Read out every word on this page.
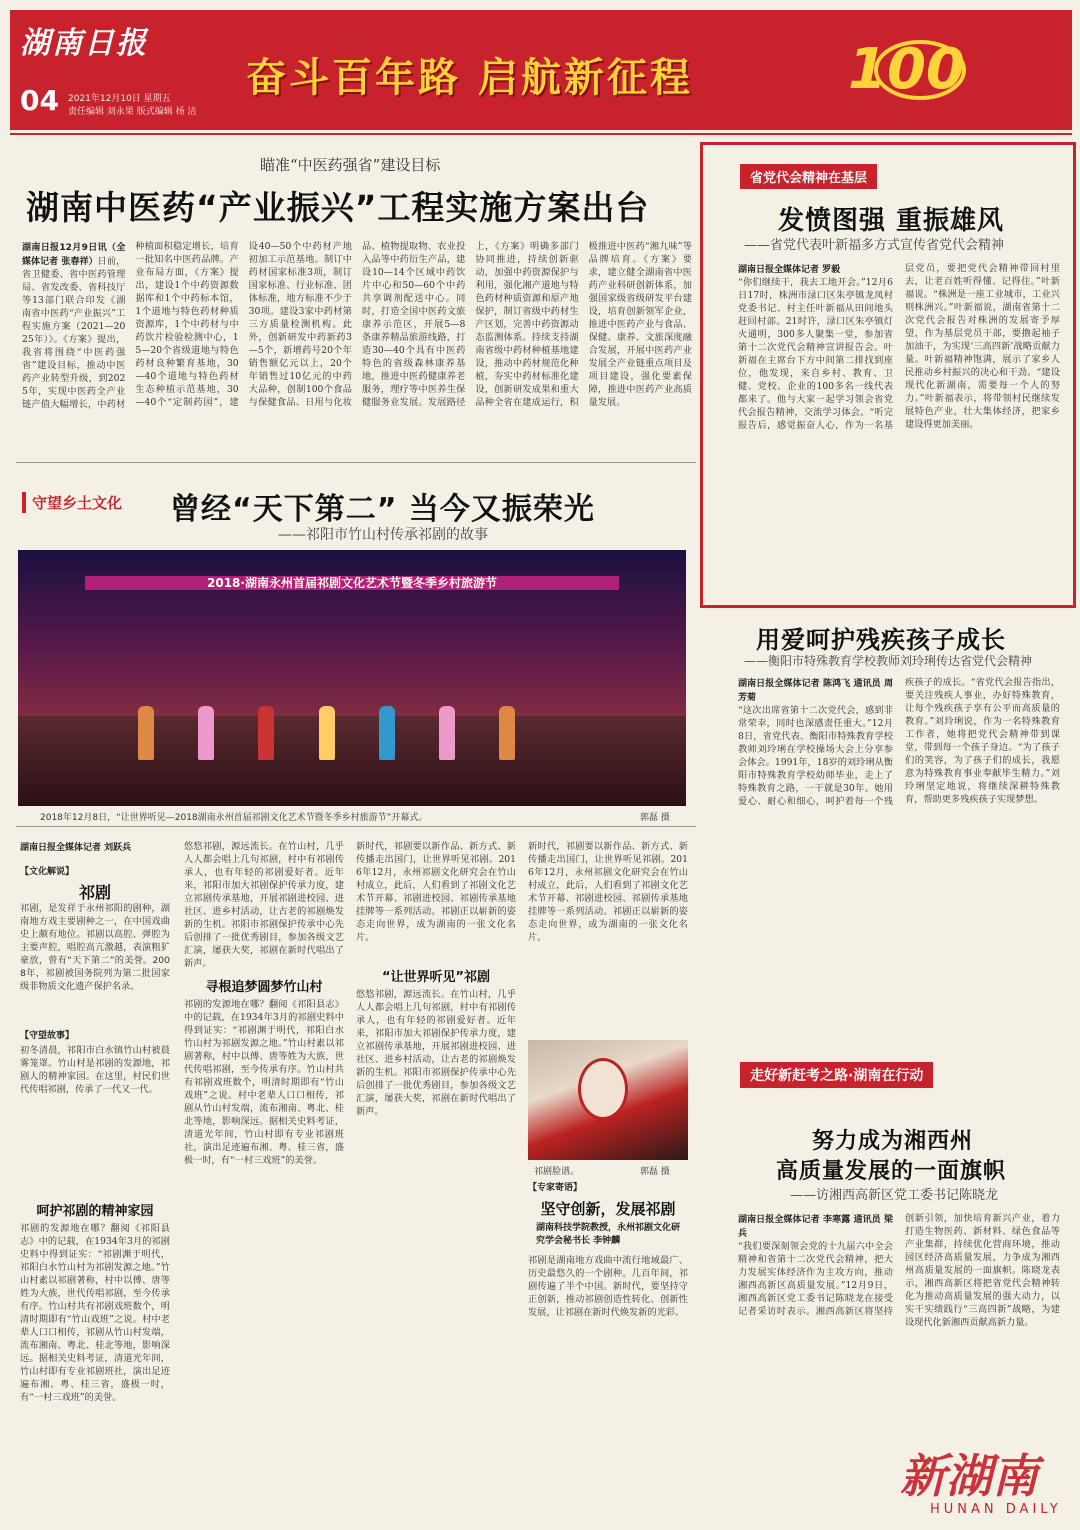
湖南日报
04 2021年12月10日 星期五
责任编辑 刘永果 版式编辑 杨 洁
奋斗百年路 启航新征程	100
瞄准“中医药强省”建设目标
湖南中医药“产业振兴”工程实施方案出台
湖南日报12月9日讯（全媒体记者 张春祥）日前，省卫健委、省中医药管理局、省发改委、省科技厅等13部门联合印发《湖南省中医药“产业振兴”工程实施方案（2021—2025年）》。《方案》提出，我省将围绕“中医药强省”建设目标，推动中医药产业转型升级，到2025年，实现中医药全产业链产值大幅增长，中药材种植面积稳定增长，培育一批知名中医药品牌。产业布局方面，《方案》提出，建设1个中药资源数据库和1个中药标本馆，1个道地与特色药材种质资源库，1个中药材与中药饮片检验检测中心，15—20个省级道地与特色药材良种繁育基地，30—40个道地与特色药材生态种植示范基地，30—40个“定制药园”，建设40—50个中药材产地初加工示范基地。制订中药材国家标准3项，制订国家标准、行业标准、团体标准，地方标准不少于30项。建设3家中药材第三方质量检测机构。此外，创新研发中药新药3—5个，新增药号20个年销售额亿元以上，20个年销售过10亿元的中药大品种，创制100个食品与保健食品、日用与化妆品、植物提取物、农业投入品等中药衍生产品，建设10—14个区域中药饮片中心和50—60个中药共享调剂配送中心。同时，打造全国中医药文旅康养示范区，开展5—8条康养精品旅游线路，打造30—40个具有中医药特色的省级森林康养基地，推进中医药健康养老服务，理疗等中医养生保健服务业发展。发展路径上，《方案》明确多部门协同推进，持续创新驱动，加强中药资源保护与利用，强化湘产道地与特色药材种质资源和原产地保护，制订省级中药材生产区划，完善中药资源动态监测体系。持续支持湖南省级中药材种植基地建设，推动中药材规范化种植，夯实中药材标准化建设，创新研发成果和重大品种全省在建成运行，积极推进中医药“湘九味”等品牌培育。《方案》要求，建立健全湖南省中医药产业科研创新体系，加强国家级省级研发平台建设，培育创新领军企业，推进中医药产业与食品、保健、康养、文旅深度融合发展，开展中医药产业发展全产业链重点项目及项目建设，强化要素保障，推进中医药产业高质量发展。
守望乡土文化 曾经“天下第二” 当今又振荣光
——祁阳市竹山村传承祁剧的故事
2018·湖南永州首届祁剧文化艺术节暨冬季乡村旅游节
2018年12月8日，“让世界听见—2018湖南永州首届祁剧文化艺术节暨冬季乡村旅游节”开幕式。	郭磊 摄
湖南日报全媒体记者 刘跃兵
【文化解说】
祁剧
祁剧，是发祥于永州祁阳的剧种，湖南地方戏主要剧种之一，在中国戏曲史上颇有地位。祁剧以高腔、弹腔为主要声腔，唱腔高亢激越，表演粗犷豪放，曾有“天下第二”的美誉。2008年，祁剧被国务院列为第二批国家级非物质文化遗产保护名录。
【守望故事】
初冬清晨，祁阳市白水镇竹山村被晨雾笼罩。竹山村是祁剧的发源地，祁剧人的精神家园。在这里，村民们世代传唱祁剧，传承了一代又一代。
呵护祁剧的精神家园
祁剧的发源地在哪？翻阅《祁阳县志》中的记载，在1934年3月的祁剧史料中得到证实：“祁剧渊于明代，祁阳白水竹山村为祁剧发源之地。”竹山村素以祁剧著称，村中以傅、唐等姓为大族，世代传唱祁剧，至今传承有序。竹山村共有祁剧戏班数个，明清时期即有“竹山戏班”之说。村中老辈人口口相传，祁剧从竹山村发端，流布湘南、粤北、桂北等地，影响深远。据相关史料考证，清道光年间，竹山村即有专业祁剧班社，演出足迹遍布湘、粤、桂三省，盛极一时，有“一村三戏班”的美誉。
悠悠祁剧，源远流长。在竹山村，几乎人人都会唱上几句祁剧，村中有祁剧传承人，也有年轻的祁剧爱好者。近年来，祁阳市加大祁剧保护传承力度，建立祁剧传承基地，开展祁剧进校园、进社区、进乡村活动，让古老的祁剧焕发新的生机。祁阳市祁剧保护传承中心先后创排了一批优秀剧目，参加各级文艺汇演，屡获大奖，祁剧在新时代唱出了新声。
寻根追梦圆梦竹山村
祁剧的发源地在哪？翻阅《祁阳县志》中的记载，在1934年3月的祁剧史料中得到证实：“祁剧渊于明代，祁阳白水竹山村为祁剧发源之地。”竹山村素以祁剧著称，村中以傅、唐等姓为大族，世代传唱祁剧，至今传承有序。竹山村共有祁剧戏班数个，明清时期即有“竹山戏班”之说。村中老辈人口口相传，祁剧从竹山村发端，流布湘南、粤北、桂北等地，影响深远。据相关史料考证，清道光年间，竹山村即有专业祁剧班社，演出足迹遍布湘、粤、桂三省，盛极一时，有“一村三戏班”的美誉。
新时代，祁剧要以新作品、新方式、新传播走出国门，让世界听见祁剧。2016年12月，永州祁剧文化研究会在竹山村成立，此后，人们看到了祁剧文化艺术节开幕、祁剧进校园、祁剧传承基地挂牌等一系列活动。祁剧正以崭新的姿态走向世界，成为湖南的一张文化名片。
“让世界听见”祁剧
悠悠祁剧，源远流长。在竹山村，几乎人人都会唱上几句祁剧，村中有祁剧传承人，也有年轻的祁剧爱好者。近年来，祁阳市加大祁剧保护传承力度，建立祁剧传承基地，开展祁剧进校园、进社区、进乡村活动，让古老的祁剧焕发新的生机。祁阳市祁剧保护传承中心先后创排了一批优秀剧目，参加各级文艺汇演，屡获大奖，祁剧在新时代唱出了新声。
新时代，祁剧要以新作品、新方式、新传播走出国门，让世界听见祁剧。2016年12月，永州祁剧文化研究会在竹山村成立，此后，人们看到了祁剧文化艺术节开幕、祁剧进校园、祁剧传承基地挂牌等一系列活动。祁剧正以崭新的姿态走向世界，成为湖南的一张文化名片。
祁剧脸谱。	郭磊 摄
【专家寄语】
坚守创新，发展祁剧
湖南科技学院教授，永州祁剧文化研究学会秘书长 李钟麟
祁剧是湖南地方戏曲中流行地域最广、历史最悠久的一个剧种。几百年间，祁剧传遍了半个中国。新时代，要坚持守正创新，推动祁剧创造性转化、创新性发展，让祁剧在新时代焕发新的光彩。
省党代会精神在基层
发愤图强 重振雄风
——省党代表叶新福多方式宣传省党代会精神
湖南日报全媒体记者 罗毅
“你们继续干，我去工地开会。”12月6日17时，株洲市渌口区朱亭镇龙凤村党委书记、村主任叶新福从田间地头赶回村部。21时许，渌口区朱亭镇灯火通明，300多人聚集一堂，参加省第十二次党代会精神宣讲报告会。叶新福在主席台下方中间第二排找到座位，他发现，来自乡村、教育、卫健、党校、企业的100多名一线代表都来了。他与大家一起学习领会省党代会报告精神，交流学习体会。“听完报告后，感觉振奋人心，作为一名基层党员，要把党代会精神带回村里去，让老百姓听得懂、记得住。”叶新福说。“株洲是一座工业城市，工业兴则株洲兴。”叶新福说，湖南省第十二次党代会报告对株洲的发展寄予厚望，作为基层党员干部，要撸起袖子加油干，为实现‘三高四新’战略贡献力量。叶新福精神饱满，展示了家乡人民推动乡村振兴的决心和干劲。“建设现代化新湖南，需要每一个人的努力。”叶新福表示，将带领村民继续发展特色产业，壮大集体经济，把家乡建设得更加美丽。
用爱呵护残疾孩子成长
——衡阳市特殊教育学校教师刘玲琍传达省党代会精神
湖南日报全媒体记者 陈鸿飞 通讯员 周芳菊
“这次出席省第十二次党代会，感到非常荣幸，同时也深感责任重大。”12月8日，省党代表、衡阳市特殊教育学校教师刘玲琍在学校操场大会上分享参会体会。1991年，18岁的刘玲琍从衡阳市特殊教育学校幼师毕业，走上了特殊教育之路，一干就是30年。她用爱心、耐心和细心，呵护着每一个残疾孩子的成长。“省党代会报告指出，要关注残疾人事业，办好特殊教育，让每个残疾孩子享有公平而高质量的教育。”刘玲琍说，作为一名特殊教育工作者，她将把党代会精神带到课堂，带到每一个孩子身边。“为了孩子们的笑容，为了孩子们的成长，我愿意为特殊教育事业奉献毕生精力。”刘玲琍坚定地说，将继续深耕特殊教育，帮助更多残疾孩子实现梦想。
走好新赶考之路·湖南在行动
努力成为湘西州
高质量发展的一面旗帜
——访湘西高新区党工委书记陈晓龙
湖南日报全媒体记者 李寒露 通讯员 梁兵
“我们要深刻领会党的十九届六中全会精神和省第十二次党代会精神，把大力发展实体经济作为主攻方向，推动湘西高新区高质量发展。”12月9日，湘西高新区党工委书记陈晓龙在接受记者采访时表示。湘西高新区将坚持创新引领，加快培育新兴产业，着力打造生物医药、新材料、绿色食品等产业集群，持续优化营商环境，推动园区经济高质量发展，力争成为湘西州高质量发展的一面旗帜。陈晓龙表示，湘西高新区将把省党代会精神转化为推动高质量发展的强大动力，以实干实绩践行“三高四新”战略，为建设现代化新湘西贡献高新力量。
新湖南
HUNAN DAILY
